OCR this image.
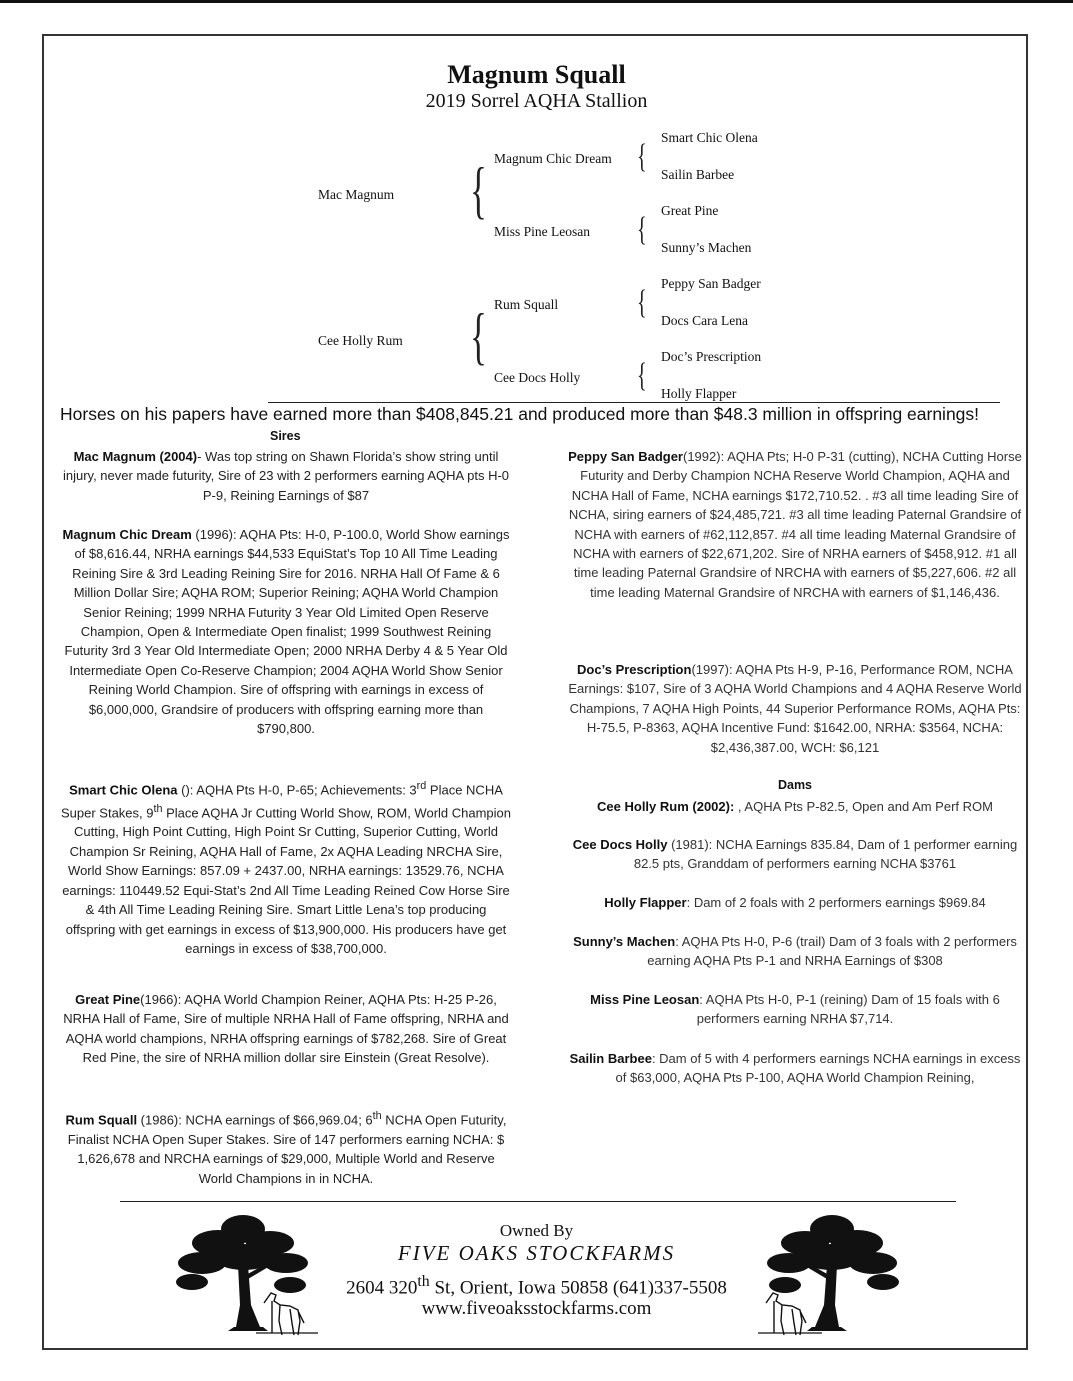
Magnum Squall
2019 Sorrel AQHA Stallion
Mac Magnum
Cee Holly Rum
{
{
Magnum Chic Dream
Miss Pine Leosan
Rum Squall
Cee Docs Holly
{
{
{
{
Smart Chic Olena
Sailin Barbee
Great Pine
Sunny’s Machen
Peppy San Badger
Docs Cara Lena
Doc’s Prescription
Holly Flapper
Horses on his papers have earned more than $408,845.21 and produced more than $48.3 million in offspring earnings!
Sires
Mac Magnum (2004)- Was top string on Shawn Florida’s show string until injury, never made futurity, Sire of 23 with 2 performers earning AQHA pts H-0 P-9, Reining Earnings of $87
Magnum Chic Dream (1996): AQHA Pts: H-0, P-100.0, World Show earnings of $8,616.44, NRHA earnings $44,533 EquiStat’s Top 10 All Time Leading Reining Sire & 3rd Leading Reining Sire for 2016. NRHA Hall Of Fame & 6 Million Dollar Sire; AQHA ROM; Superior Reining; AQHA World Champion Senior Reining; 1999 NRHA Futurity 3 Year Old Limited Open Reserve Champion, Open & Intermediate Open finalist; 1999 Southwest Reining Futurity 3rd 3 Year Old Intermediate Open; 2000 NRHA Derby 4 & 5 Year Old Intermediate Open Co-Reserve Champion; 2004 AQHA World Show Senior Reining World Champion. Sire of offspring with earnings in excess of $6,000,000, Grandsire of producers with offspring earning more than $790,800.
Smart Chic Olena (): AQHA Pts H-0, P-65; Achievements: 3rd Place NCHA Super Stakes, 9th Place AQHA Jr Cutting World Show, ROM, World Champion Cutting, High Point Cutting, High Point Sr Cutting, Superior Cutting, World Champion Sr Reining, AQHA Hall of Fame, 2x AQHA Leading NRCHA Sire, World Show Earnings: 857.09 + 2437.00, NRHA earnings: 13529.76, NCHA earnings: 110449.52 Equi-Stat’s 2nd All Time Leading Reined Cow Horse Sire & 4th All Time Leading Reining Sire. Smart Little Lena’s top producing offspring with get earnings in excess of $13,900,000. His producers have get earnings in excess of $38,700,000.
Great Pine(1966): AQHA World Champion Reiner, AQHA Pts: H-25 P-26, NRHA Hall of Fame, Sire of multiple NRHA Hall of Fame offspring, NRHA and AQHA world champions, NRHA offspring earnings of $782,268. Sire of Great Red Pine, the sire of NRHA million dollar sire Einstein (Great Resolve).
Rum Squall (1986): NCHA earnings of $66,969.04; 6th NCHA Open Futurity, Finalist NCHA Open Super Stakes. Sire of 147 performers earning NCHA: $ 1,626,678 and NRCHA earnings of $29,000, Multiple World and Reserve World Champions in in NCHA.
Peppy San Badger(1992): AQHA Pts; H-0 P-31 (cutting), NCHA Cutting Horse Futurity and Derby Champion NCHA Reserve World Champion, AQHA and NCHA Hall of Fame, NCHA earnings $172,710.52. . #3 all time leading Sire of NCHA, siring earners of $24,485,721. #3 all time leading Paternal Grandsire of NCHA with earners of #62,112,857. #4 all time leading Maternal Grandsire of NCHA with earners of $22,671,202. Sire of NRHA earners of $458,912. #1 all time leading Paternal Grandsire of NRCHA with earners of $5,227,606. #2 all time leading Maternal Grandsire of NRCHA with earners of $1,146,436.
Doc’s Prescription(1997): AQHA Pts H-9, P-16, Performance ROM, NCHA Earnings: $107, Sire of 3 AQHA World Champions and 4 AQHA Reserve World Champions, 7 AQHA High Points, 44 Superior Performance ROMs, AQHA Pts: H-75.5, P-8363, AQHA Incentive Fund: $1642.00, NRHA: $3564, NCHA: $2,436,387.00, WCH: $6,121
Dams
Cee Holly Rum (2002): , AQHA Pts P-82.5, Open and Am Perf ROM
Cee Docs Holly (1981): NCHA Earnings 835.84, Dam of 1 performer earning 82.5 pts, Granddam of performers earning NCHA $3761
Holly Flapper: Dam of 2 foals with 2 performers earnings $969.84
Sunny’s Machen: AQHA Pts H-0, P-6 (trail) Dam of 3 foals with 2 performers earning AQHA Pts P-1 and NRHA Earnings of $308
Miss Pine Leosan: AQHA Pts H-0, P-1 (reining) Dam of 15 foals with 6 performers earning NRHA $7,714.
Sailin Barbee: Dam of 5 with 4 performers earnings NCHA earnings in excess of $63,000, AQHA Pts P-100, AQHA World Champion Reining,
Owned By
FIVE OAKS STOCKFARMS
2604 320th St, Orient, Iowa 50858 (641)337-5508
www.fiveoaksstockfarms.com
